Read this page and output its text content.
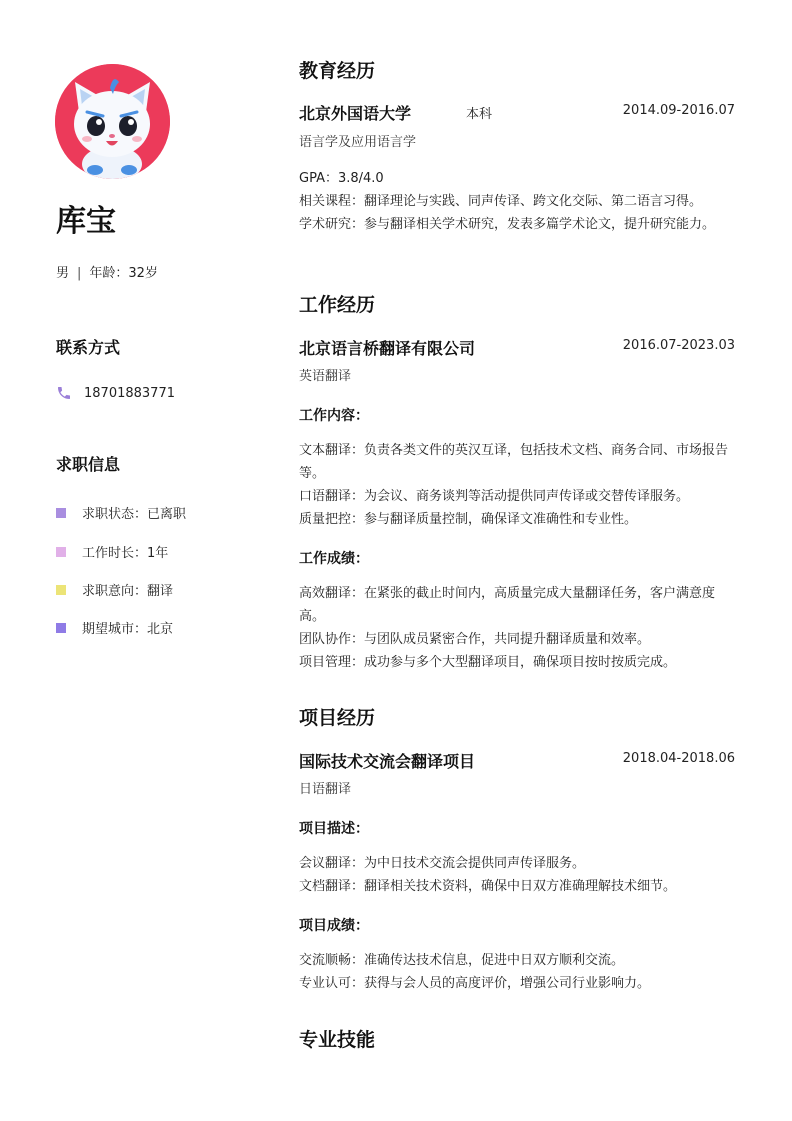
库宝
男 | 年龄：32岁
联系方式
18701883771
求职信息
求职状态：已离职
工作时长：1年
求职意向：翻译
期望城市：北京
教育经历
北京外国语大学	本科	2014.09-2016.07
语言学及应用语言学
GPA：3.8/4.0
相关课程：翻译理论与实践、同声传译、跨文化交际、第二语言习得。
学术研究：参与翻译相关学术研究，发表多篇学术论文，提升研究能力。
工作经历
北京语言桥翻译有限公司	2016.07-2023.03
英语翻译
工作内容：
文本翻译：负责各类文件的英汉互译，包括技术文档、商务合同、市场报告等。
口语翻译：为会议、商务谈判等活动提供同声传译或交替传译服务。
质量把控：参与翻译质量控制，确保译文准确性和专业性。
工作成绩：
高效翻译：在紧张的截止时间内，高质量完成大量翻译任务，客户满意度高。
团队协作：与团队成员紧密合作，共同提升翻译质量和效率。
项目管理：成功参与多个大型翻译项目，确保项目按时按质完成。
项目经历
国际技术交流会翻译项目	2018.04-2018.06
日语翻译
项目描述：
会议翻译：为中日技术交流会提供同声传译服务。
文档翻译：翻译相关技术资料，确保中日双方准确理解技术细节。
项目成绩：
交流顺畅：准确传达技术信息，促进中日双方顺利交流。
专业认可：获得与会人员的高度评价，增强公司行业影响力。
专业技能
